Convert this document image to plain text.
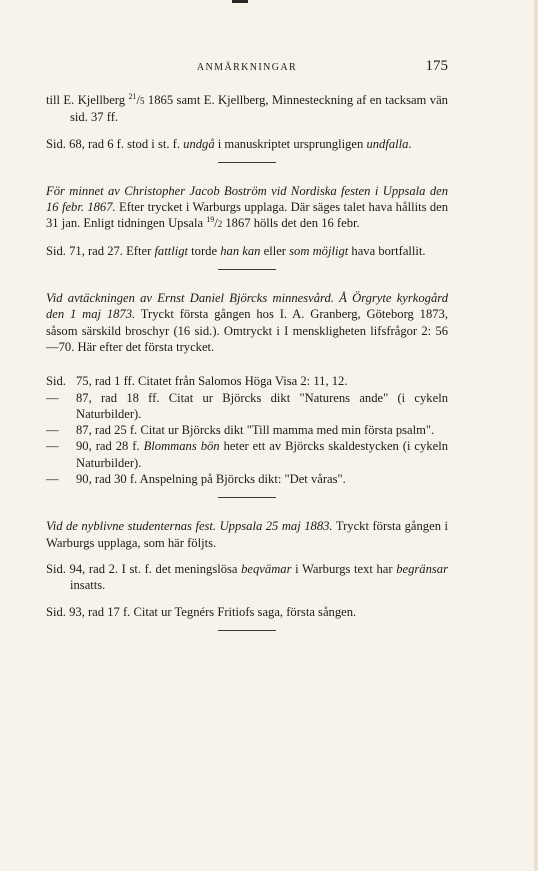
ANMÄRKNINGAR	175

till E. Kjellberg $^{21}$/5 1865 samt E. Kjellberg, Minnesteckning af en tacksam vän sid. 37 ff.

Sid. 68, rad 6 f. stod i st. f. undgå i manuskriptet ursprungligen undfalla.

För minnet av Christopher Jacob Boström vid Nordiska festen i Uppsala den 16 febr. 1867. Efter trycket i Warburgs upplaga. Där säges talet hava hållits den 31 jan. Enligt tidningen Upsala $^{19}$/2 1867 hölls det den 16 febr.

Sid. 71, rad 27. Efter fattligt torde han kan eller som möjligt hava bortfallit.

Vid avtäckningen av Ernst Daniel Björcks minnesvård. Å Örgryte kyrkogård den 1 maj 1873. Tryckt första gången hos I. A. Granberg, Göteborg 1873, såsom särskild broschyr (16 sid.). Omtryckt i I menskligheten lifsfrågor 2: 56—70. Här efter det första trycket.

Sid. 75, rad 1 ff. Citatet från Salomos Höga Visa 2: 11, 12.
—	87, rad 18 ff. Citat ur Björcks dikt "Naturens ande" (i cykeln Naturbilder).
—	87, rad 25 f. Citat ur Björcks dikt "Till mamma med min första psalm".
—	90, rad 28 f. Blommans bön heter ett av Björcks skaldestycken (i cykeln Naturbilder).
—	90, rad 30 f. Anspelning på Björcks dikt: "Det våras".

Vid de nyblivne studenternas fest. Uppsala 25 maj 1883. Tryckt första gången i Warburgs upplaga, som här följts.

Sid. 94, rad 2. I st. f. det meningslösa beqvämar i Warburgs text har begränsar insatts.

Sid. 93, rad 17 f. Citat ur Tegnérs Fritiofs saga, första sången.
